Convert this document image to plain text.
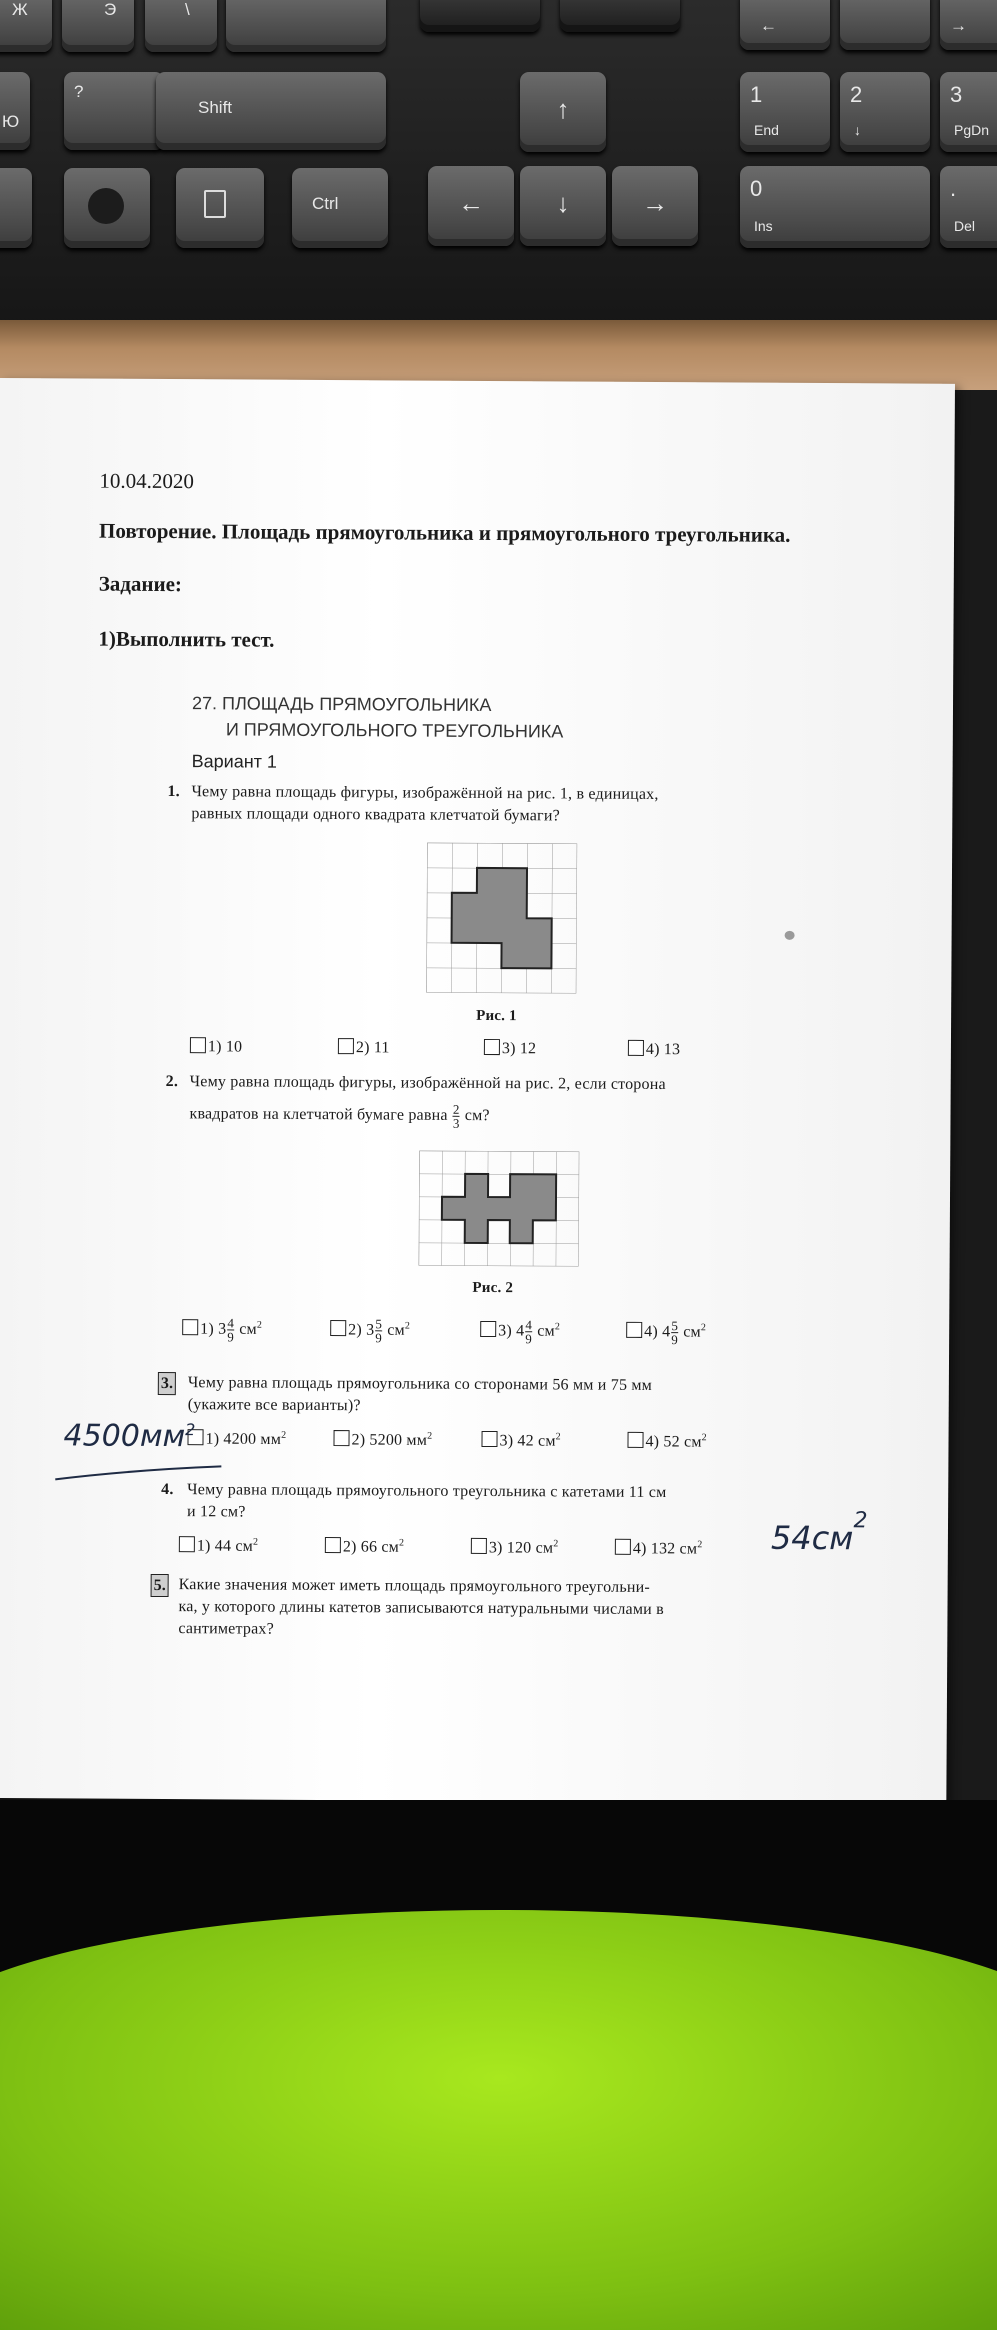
Ж	Э	\
Ю
?
Shift
Ctrl
↑
←	↓	→
←	→
1
End
2
↓
3
PgDn
0
Ins
.
Del
10.04.2020
Повторение. Площадь прямоугольника и прямоугольного треугольника.
Задание:
1)Выполнить тест.
27. ПЛОЩАДЬ ПРЯМОУГОЛЬНИКА
И ПРЯМОУГОЛЬНОГО ТРЕУГОЛЬНИКА
Вариант 1
1. Чему равна площадь фигуры, изображённой на рис. 1, в единицах,
равных площади одного квадрата клетчатой бумаги?
Рис. 1
1) 10	2) 11	3) 12	4) 13
2. Чему равна площадь фигуры, изображённой на рис. 2, если сторона
квадратов на клетчатой бумаге равна $\frac{2}{3}$ см?
Рис. 2
1) $3 \frac{4}{9} см^2$	2) $3 \frac{5}{9} см^2$	3) $4 \frac{4}{9} см^2$	4) $4 \frac{5}{9} см^2$
3. Чему равна площадь прямоугольника со сторонами 56 мм и 75 мм
(укажите все варианты)?
1) 4200 $мм^2$	2) 5200 $мм^2$	3) 42 $см^2$	4) 52 $см^2$
$4500мм^2$
4. Чему равна площадь прямоугольного треугольника с катетами 11 см
и 12 см?
1) 44 $см^2$	2) 66 $см^2$	3) 120 $см^2$	4) 132 $см^2$ $54см^2$
5. Какие значения может иметь площадь прямоугольного треугольни-
ка, у которого длины катетов записываются натуральными числами в
сантиметрах?
